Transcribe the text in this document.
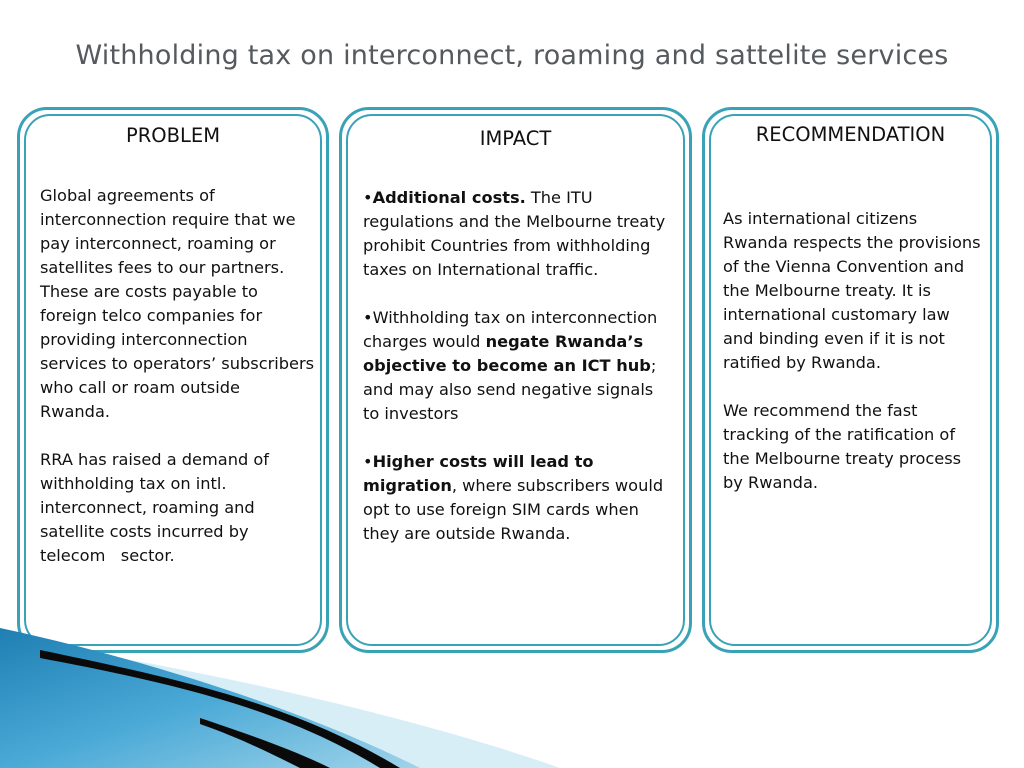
Withholding tax on interconnect, roaming and sattelite services
PROBLEM

Global agreements of interconnection require that we pay interconnect, roaming or satellites fees to our partners. These are costs payable to foreign telco companies for providing interconnection services to operators’ subscribers who call or roam outside Rwanda.

RRA has raised a demand of withholding tax on intl. interconnect, roaming and satellite costs incurred by telecom   sector.

IMPACT

•Additional costs. The ITU regulations and the Melbourne treaty prohibit Countries from withholding taxes on International traffic.

•Withholding tax on interconnection charges would negate Rwanda’s objective to become an ICT hub; and may also send negative signals to investors

•Higher costs will lead to migration, where subscribers would opt to use foreign SIM cards when they are outside Rwanda.

RECOMMENDATION

As international citizens Rwanda respects the provisions of the Vienna Convention and the Melbourne treaty. It is international customary law and binding even if it is not ratified by Rwanda.

We recommend the fast tracking of the ratification of the Melbourne treaty process by Rwanda.
